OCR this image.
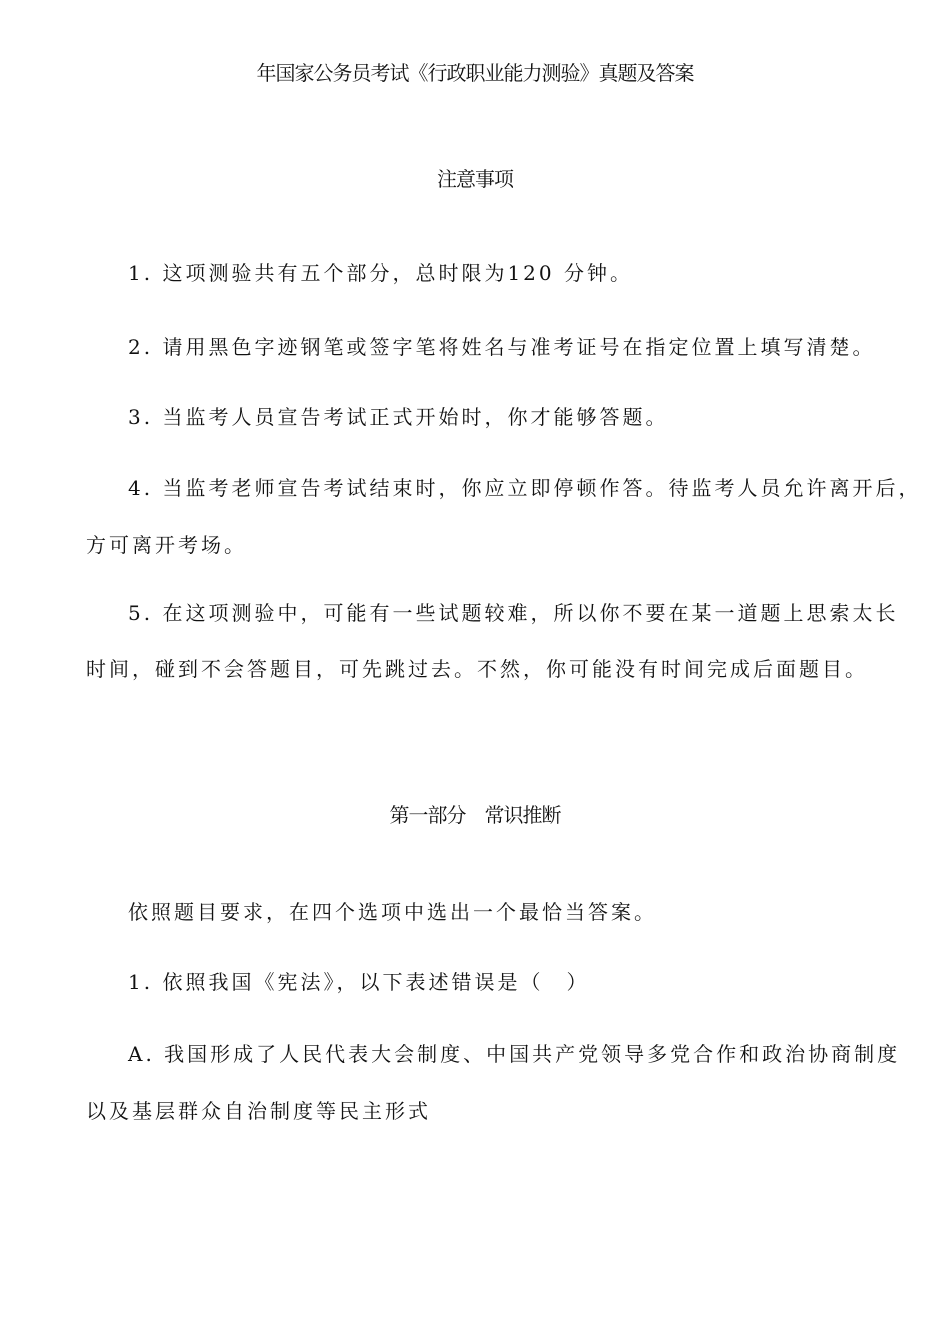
年国家公务员考试《行政职业能力测验》真题及答案
注意事项
1. 这项测验共有五个部分，总时限为120 分钟。
2. 请用黑色字迹钢笔或签字笔将姓名与准考证号在指定位置上填写清楚。
3. 当监考人员宣告考试正式开始时，你才能够答题。
4. 当监考老师宣告考试结束时，你应立即停顿作答。待监考人员允许离开后，
方可离开考场。
5. 在这项测验中，可能有一些试题较难，所以你不要在某一道题上思索太长
时间，碰到不会答题目，可先跳过去。不然，你可能没有时间完成后面题目。
第一部分　常识推断
依照题目要求，在四个选项中选出一个最恰当答案。
1. 依照我国《宪法》，以下表述错误是（　）
A. 我国形成了人民代表大会制度、中国共产党领导多党合作和政治协商制度
以及基层群众自治制度等民主形式
